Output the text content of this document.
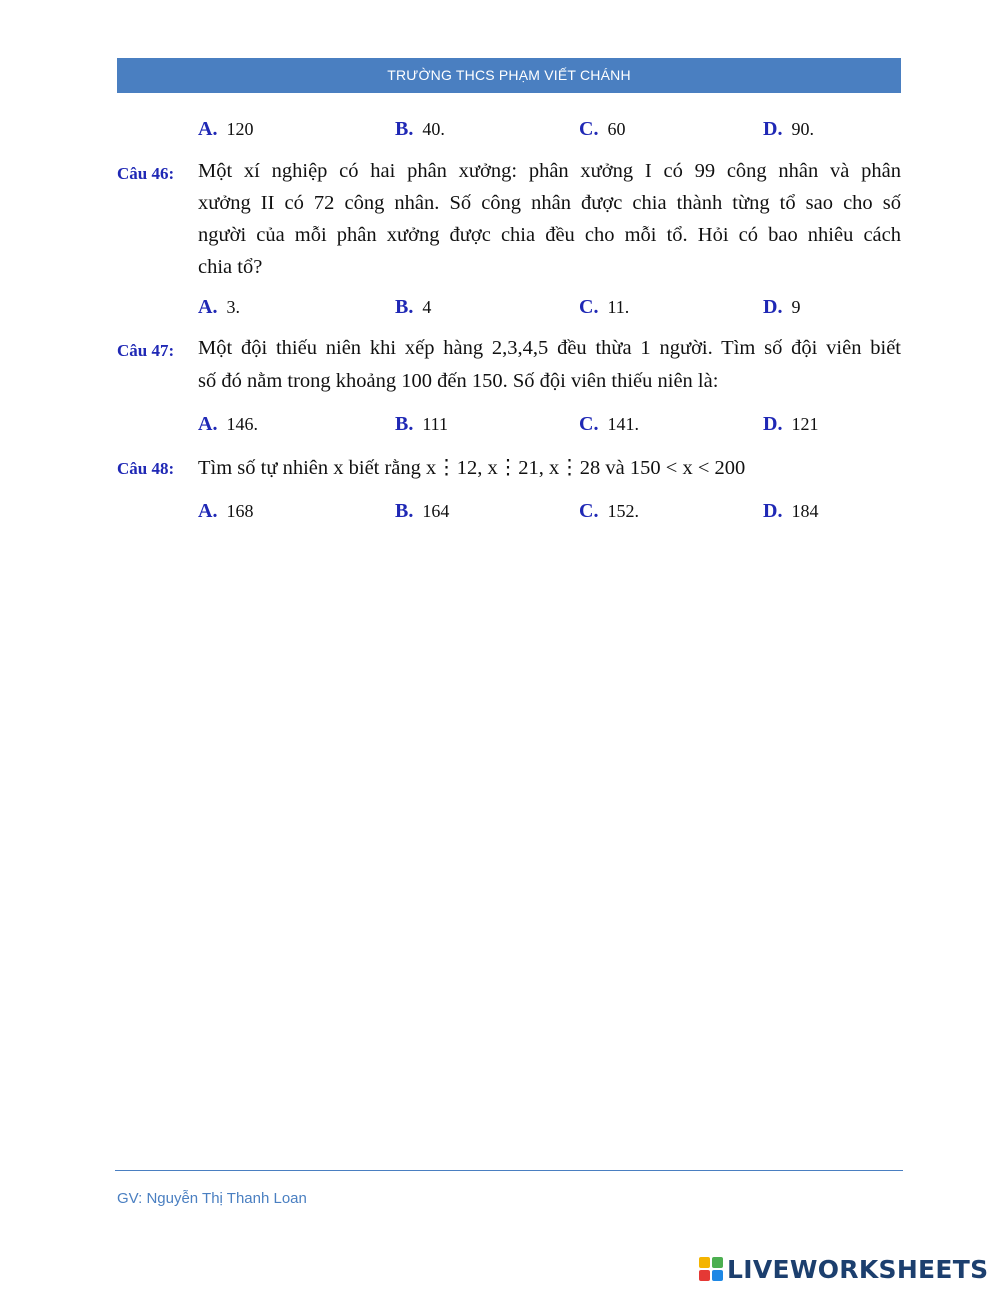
TRƯỜNG THCS PHẠM VIẾT CHÁNH
A. 120	B. 40.	C. 60	D. 90.
Câu 46: Một xí nghiệp có hai phân xưởng: phân xưởng I có 99 công nhân và phân
xưởng II có 72 công nhân. Số công nhân được chia thành từng tổ sao cho số
người của mỗi phân xưởng được chia đều cho mỗi tổ. Hỏi có bao nhiêu cách
chia tổ?
A. 3.	B. 4	C. 11.	D. 9
Câu 47: Một đội thiếu niên khi xếp hàng 2,3,4,5 đều thừa 1 người. Tìm số đội viên biết
số đó nằm trong khoảng 100 đến 150. Số đội viên thiếu niên là:
A. 146.	B. 111	C. 141.	D. 121
Câu 48: Tìm số tự nhiên x biết rằng x⋮12, x⋮21, x⋮28 và 150 < x < 200
A. 168	B. 164	C. 152.	D. 184
GV: Nguyễn Thị Thanh Loan
LIVEWORKSHEETS
